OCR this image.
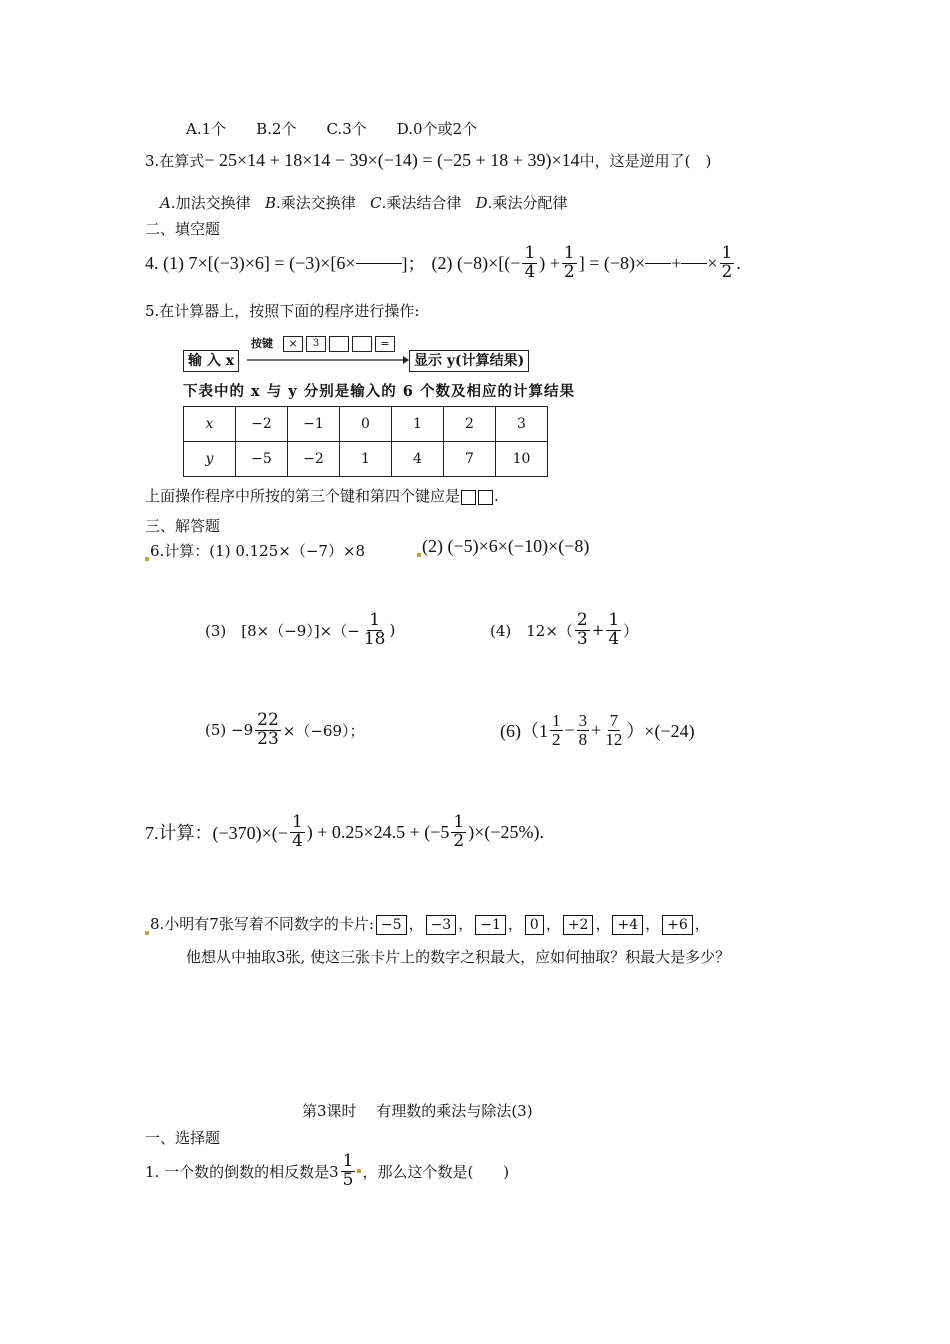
A.1个　　B.2个　　C.3个　　D.0个或2个
3.在算式− 25×14 + 18×14 − 39×(−14) = (−25 + 18 + 39)×14中，这是逆用了(　)
A.加法交换律 B.乘法交换律 C.乘法结合律 D.乘法分配律
二、填空题
4. (1) 7×[(−3)×6] = (−3)×[6×	]； (2) $(-8)\times[(- \frac{1}{4}$ ) + $\frac{1}{2}$ ] = (−8)× + × $\frac{1}{2}$ .
5.在计算器上，按照下面的程序进行操作:
按键	×	3	=
输 入 x	显示 y(计算结果)
下表中的 x 与 y 分别是输入的 6 个数及相应的计算结果
x	−2	−1	0	1	2	3
y	−5	−2	1	4	7	10
上面操作程序中所按的第三个键和第四个键应是 .
三、解答题
6.计算：(1) 0.125×（−7）×8	(2) (−5)×6×(−10)×(−8)
(3)　$[8\times(-9)]\times(- \frac{1}{18}$ )	(4)　$12\times( \frac{2}{3} + \frac{1}{4}$ ）
$(5) -9 \frac{22}{23} \times(-69)$；	$(6)(1 \frac{1}{2} - \frac{3}{8} + \frac{7}{12} )\times(-24)$
7.计算：$(-370)\times(- \frac{1}{4}$ ) + $0.25\times 24.5 + (-5 \frac{1}{2} )\times(-25\%)$.
8.小明有7张写着不同数字的卡片: −5 ， −3 ， −1 ， 0 ， +2 ， +4 ， +6 ，
他想从中抽取3张, 使这三张卡片上的数字之积最大，应如何抽取？积最大是多少？
第3课时　 有理数的乘法与除法(3)
一、选择题
1. 一个数的倒数的相反数是$3 \frac{1}{5}$ ，那么这个数是(　　)
